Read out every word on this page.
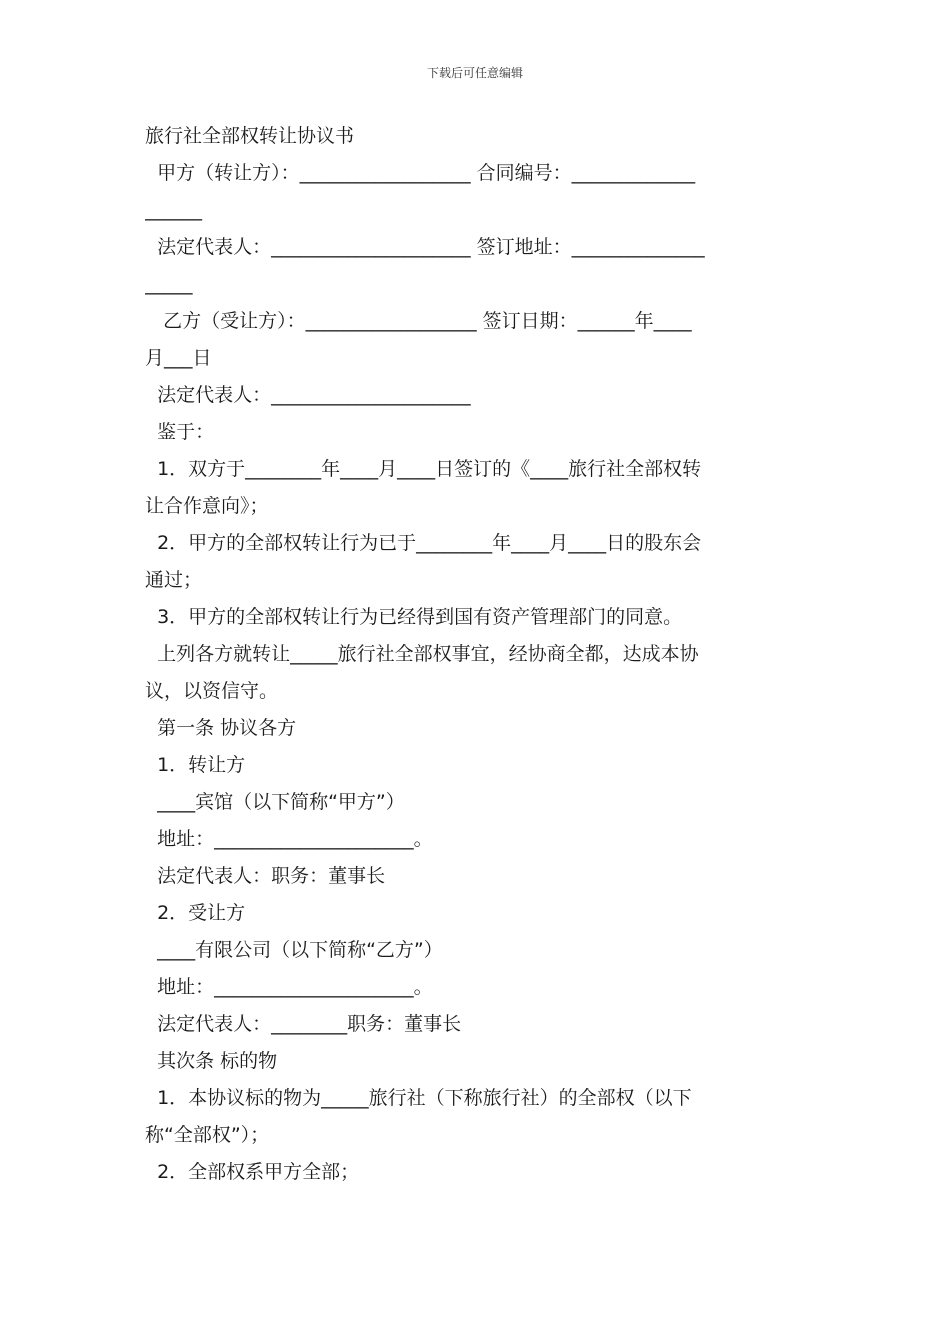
下载后可任意编辑
旅行社全部权转让协议书
甲方（转让方）：__________________ 合同编号：_____________
______
法定代表人：_____________________ 签订地址：______________
_____
乙方（受让方）：__________________ 签订日期：______年____
月___日
法定代表人：_____________________
鉴于：
1．双方于________年____月____日签订的《____旅行社全部权转
让合作意向》；
2．甲方的全部权转让行为已于________年____月____日的股东会
通过；
3．甲方的全部权转让行为已经得到国有资产管理部门的同意。
上列各方就转让_____旅行社全部权事宜，经协商全都，达成本协
议，以资信守。
第一条 协议各方
1．转让方
____宾馆（以下简称“甲方”）
地址：_____________________。
法定代表人：职务：董事长
2．受让方
____有限公司（以下简称“乙方”）
地址：_____________________。
法定代表人：________职务：董事长
其次条 标的物
1．本协议标的物为_____旅行社（下称旅行社）的全部权（以下
称“全部权”）；
2．全部权系甲方全部；
